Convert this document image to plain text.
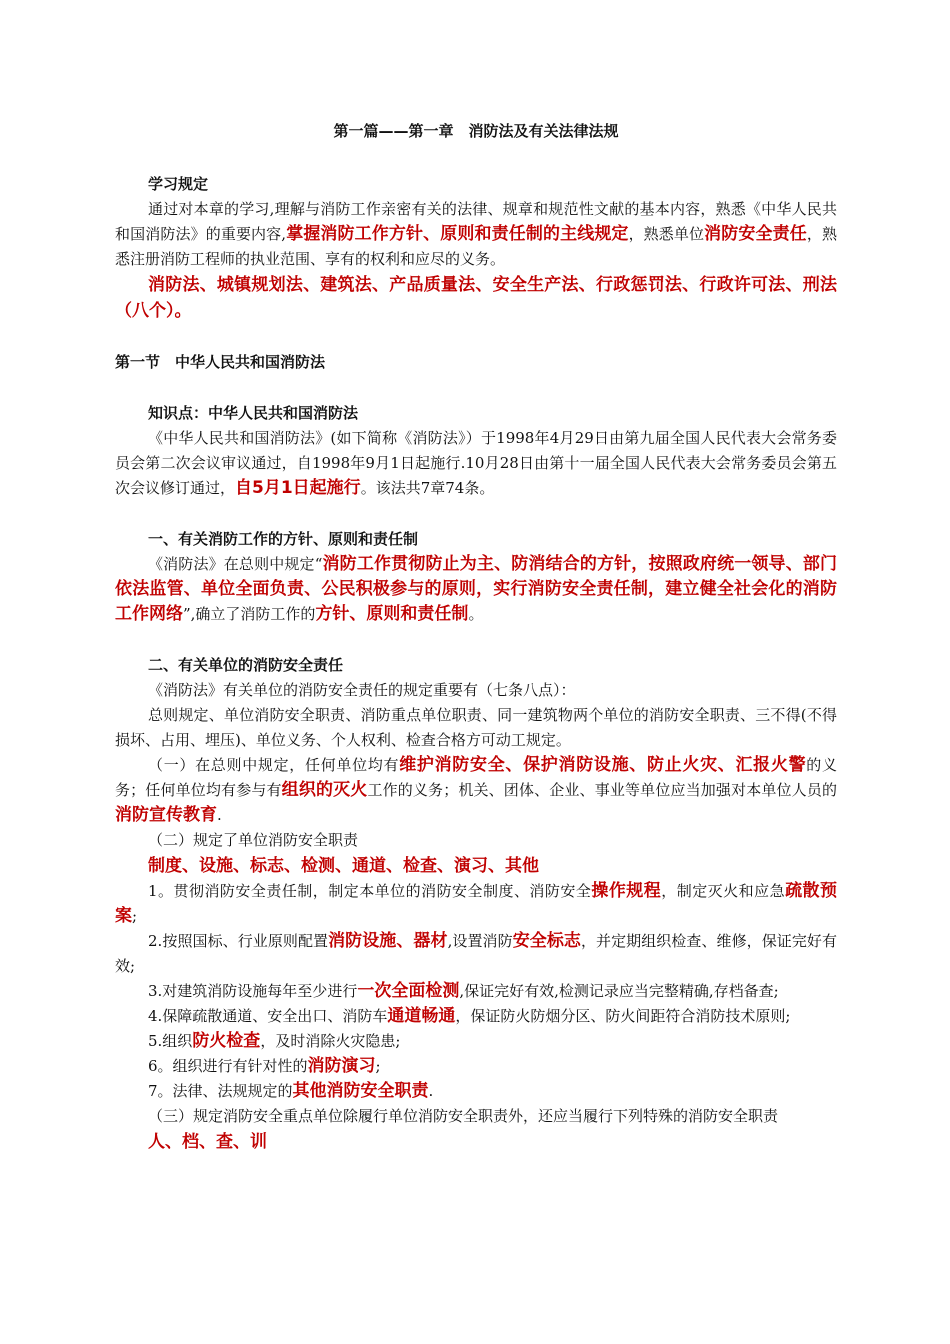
第一篇——第一章　消防法及有关法律法规

学习规定

通过对本章的学习,理解与消防工作亲密有关的法律、规章和规范性文献的基本内容，熟悉《中华人民共和国消防法》的重要内容,掌握消防工作方针、原则和责任制的主线规定，熟悉单位消防安全责任，熟悉注册消防工程师的执业范围、享有的权利和应尽的义务。

消防法、城镇规划法、建筑法、产品质量法、安全生产法、行政惩罚法、行政许可法、刑法（八个）。

第一节　中华人民共和国消防法

知识点：中华人民共和国消防法

《中华人民共和国消防法》(如下简称《消防法》）于1998年4月29日由第九届全国人民代表大会常务委员会第二次会议审议通过，自1998年9月1日起施行.10月28日由第十一届全国人民代表大会常务委员会第五次会议修订通过，自5月1日起施行。该法共7章74条。

一、有关消防工作的方针、原则和责任制

《消防法》在总则中规定“消防工作贯彻防止为主、防消结合的方针，按照政府统一领导、部门依法监管、单位全面负责、公民积极参与的原则，实行消防安全责任制，建立健全社会化的消防工作网络”,确立了消防工作的方针、原则和责任制。

二、有关单位的消防安全责任

《消防法》有关单位的消防安全责任的规定重要有（七条八点）：

总则规定、单位消防安全职责、消防重点单位职责、同一建筑物两个单位的消防安全职责、三不得(不得损坏、占用、埋压)、单位义务、个人权利、检查合格方可动工规定。

（一）在总则中规定，任何单位均有维护消防安全、保护消防设施、防止火灾、汇报火警的义务；任何单位均有参与有组织的灭火工作的义务；机关、团体、企业、事业等单位应当加强对本单位人员的消防宣传教育.

（二）规定了单位消防安全职责

制度、设施、标志、检测、通道、检查、演习、其他

1。贯彻消防安全责任制，制定本单位的消防安全制度、消防安全操作规程，制定灭火和应急疏散预案;

2.按照国标、行业原则配置消防设施、器材,设置消防安全标志，并定期组织检查、维修，保证完好有效;

3.对建筑消防设施每年至少进行一次全面检测,保证完好有效,检测记录应当完整精确,存档备查;

4.保障疏散通道、安全出口、消防车通道畅通，保证防火防烟分区、防火间距符合消防技术原则;

5.组织防火检查，及时消除火灾隐患;

6。组织进行有针对性的消防演习;

7。法律、法规规定的其他消防安全职责.

（三）规定消防安全重点单位除履行单位消防安全职责外，还应当履行下列特殊的消防安全职责

人、档、查、训
